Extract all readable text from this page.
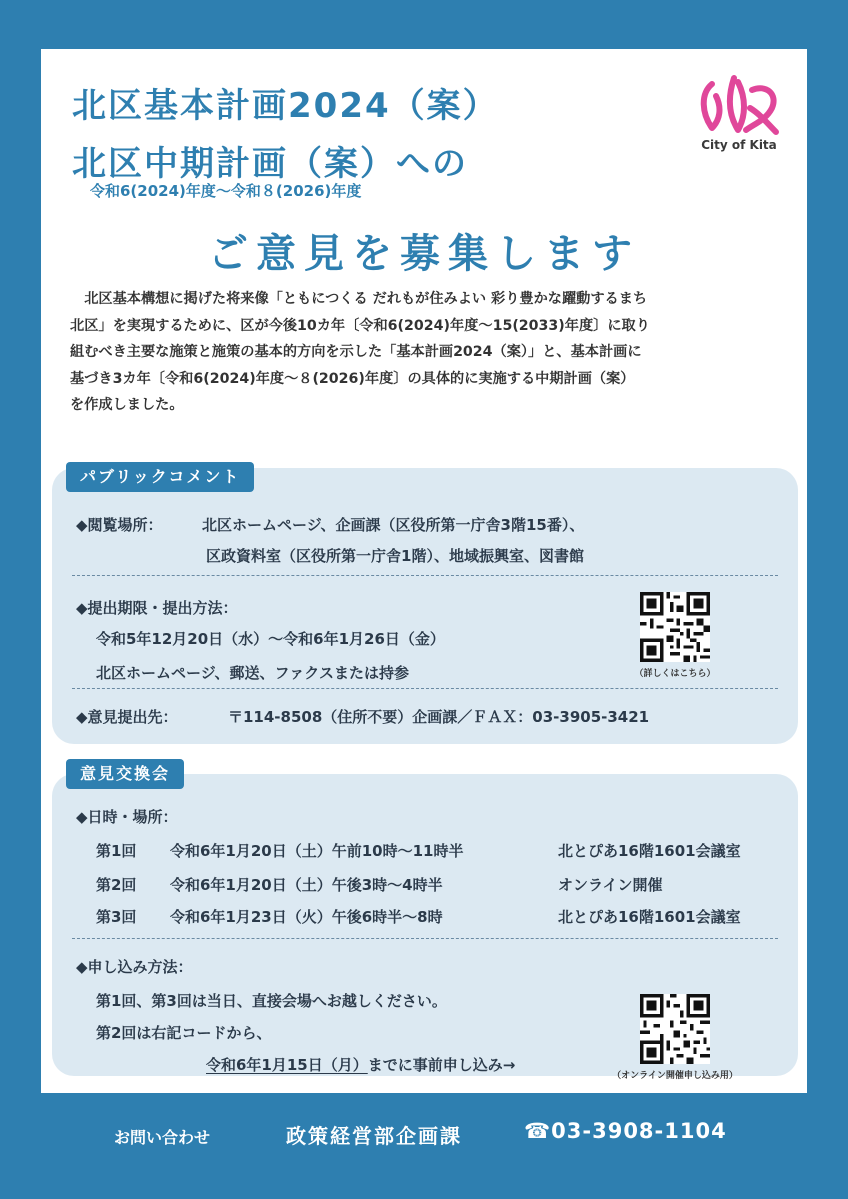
北区基本計画2024（案）
北区中期計画（案）への
令和6(2024)年度～令和８(2026)年度
City of Kita
ご意見を募集します

　北区基本構想に掲げた将来像「ともにつくる だれもが住みよい 彩り豊かな躍動するまち

北区」を実現するために、区が今後10カ年〔令和6(2024)年度～15(2033)年度〕に取り

組むべき主要な施策と施策の基本的方向を示した「基本計画2024（案）」と、基本計画に

基づき3カ年〔令和6(2024)年度～８(2026)年度〕の具体的に実施する中期計画（案）

を作成しました。

パブリックコメント
◆閲覧場所：	北区ホームページ、企画課（区役所第一庁舎3階15番）、
区政資料室（区役所第一庁舎1階）、地域振興室、図書館
◆提出期限・提出方法：
令和5年12月20日（水）～令和6年1月26日（金）
北区ホームページ、郵送、ファクスまたは持参	（詳しくはこちら）
◆意見提出先：	〒114-8508（住所不要）企画課／ＦＡＸ：03-3905-3421
意見交換会
◆日時・場所：
第1回 令和6年1月20日（土）午前10時～11時半	北とぴあ16階1601会議室
第2回 令和6年1月20日（土）午後3時～4時半	オンライン開催
第3回 令和6年1月23日（火）午後6時半～8時	北とぴあ16階1601会議室
◆申し込み方法：
第1回、第3回は当日、直接会場へお越しください。
第2回は右記コードから、
令和6年1月15日（月）までに事前申し込み→
（オンライン開催申し込み用）
お問い合わせ	政策経営部企画課	☎03-3908-1104
